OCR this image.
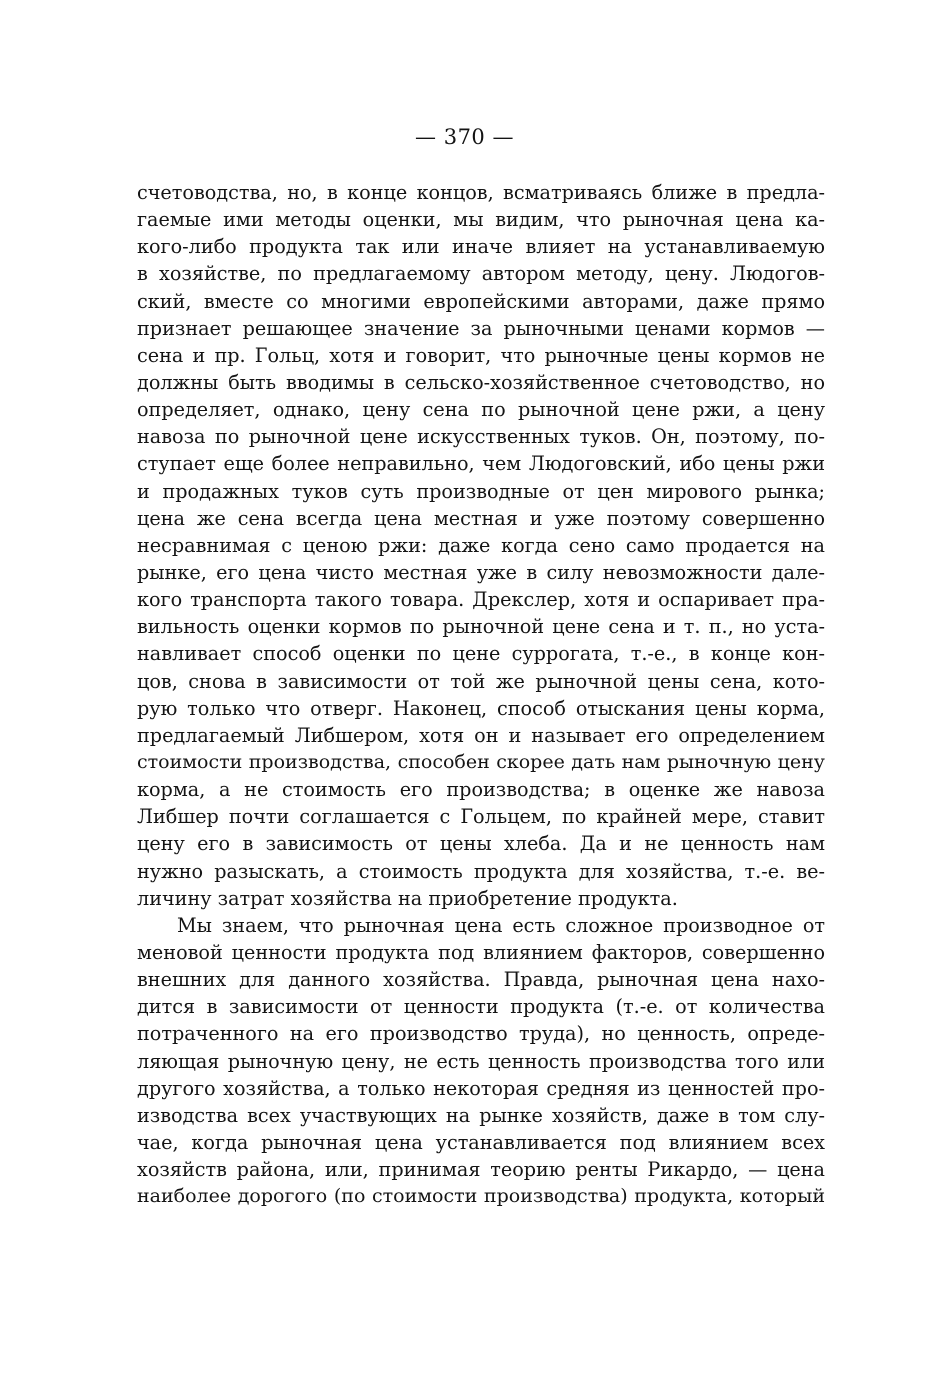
— 370 —
счетоводства, но, в конце концов, всматриваясь ближе в предла-
гаемые ими методы оценки, мы видим, что рыночная цена ка-
кого-либо продукта так или иначе влияет на устанавливаемую
в хозяйстве, по предлагаемому автором методу, цену. Людогов-
ский, вместе со многими европейскими авторами, даже прямо
признает решающее значение за рыночными ценами кормов —
сена и пр. Гольц, хотя и говорит, что рыночные цены кормов не
должны быть вводимы в сельско-хозяйственное счетоводство, но
определяет, однако, цену сена по рыночной цене ржи, а цену
навоза по рыночной цене искусственных туков. Он, поэтому, по-
ступает еще более неправильно, чем Людоговский, ибо цены ржи
и продажных туков суть производные от цен мирового рынка;
цена же сена всегда цена местная и уже поэтому совершенно
несравнимая с ценою ржи: даже когда сено само продается на
рынке, его цена чисто местная уже в силу невозможности далe-
кого транспорта такого товара. Дрекслер, хотя и оспаривает пра-
вильность оценки кормов по рыночной цене сена и т. п., но уста-
навливает способ оценки по цене суррогата, т.-е., в конце кон-
цов, снова в зависимости от той же рыночной цены сена, кото-
рую только что отверг. Наконец, способ отыскания цены корма,
предлагаемый Либшером, хотя он и называет его определением
стоимости производства, способен скорее дать нам рыночную цену
корма, а не стоимость его производства; в оценке же навоза
Либшер почти соглашается с Гольцем, по крайней мере, ставит
цену его в зависимость от цены хлеба. Да и не ценность нам
нужно разыскать, а стоимость продукта для хозяйства, т.-е. ве-
личину затрат хозяйства на приобретение продукта.
Мы знаем, что рыночная цена есть сложное производное от
меновой ценности продукта под влиянием факторов, совершенно
внешних для данного хозяйства. Правда, рыночная цена нахо-
дится в зависимости от ценности продукта (т.-е. от количества
потраченного на его производство труда), но ценность, опреде-
ляющая рыночную цену, не есть ценность производства того или
другого хозяйства, а только некоторая средняя из ценностей про-
изводства всех участвующих на рынке хозяйств, даже в том слу-
чае, когда рыночная цена устанавливается под влиянием всех
хозяйств района, или, принимая теорию ренты Рикардо, — цена
наиболее дорогого (по стоимости производства) продукта, который
